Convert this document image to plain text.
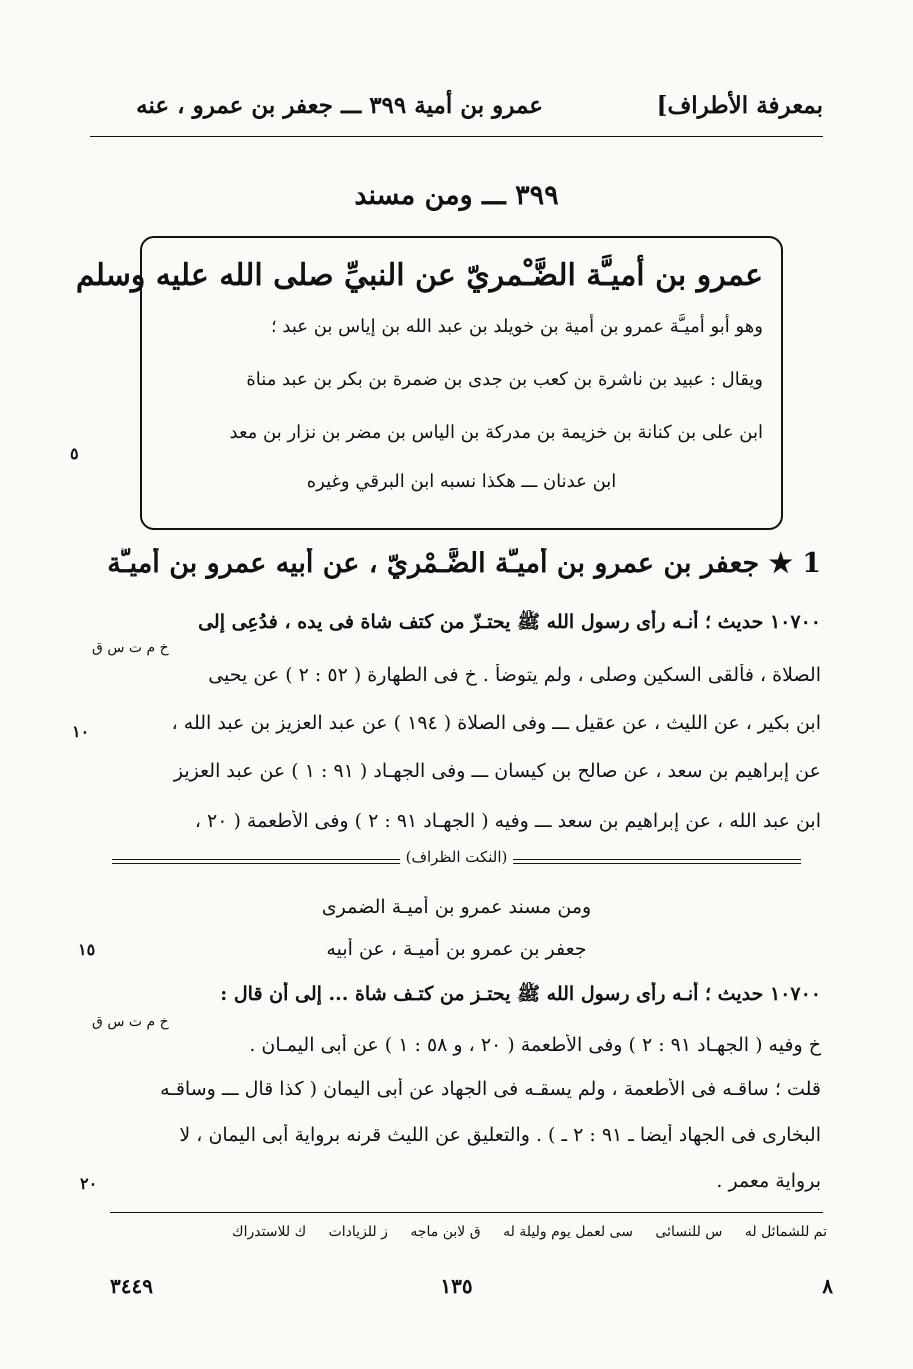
بمعرفة الأطراف]
عمرو بن أمية ٣٩٩ ـــ جعفر بن عمرو ، عنه
٣٩٩ ـــ ومن مسند
عمرو بن أميـَّة الضَّـْمريّ عن النبيِّ صلى الله عليه وسلم
وهو أبو أميـَّة عمرو بن أمية بن خويلد بن عبد الله بن إياس بن عبد ؛
ويقال : عبيد بن ناشرة بن كعب بن جدى بن ضمرة بن بكر بن عبد مناة
ابن على بن كنانة بن خزيمة بن مدركة بن الياس بن مضر بن نزار بن معد
ابن عدنان ـــ هكذا نسبه ابن البرقي وغيره
1 ★ جعفر بن عمرو بن أميـَّة الضَّـمْرِيّ ، عن أبيه عمرو بن أميـَّة
١٠٧٠٠ حديث ؛ أنـه رأى رسول الله ﷺ يحتـزّ من كتف شاة فى يده ، فدُعِى إلى
الصلاة ، فألقى السكين وصلى ، ولم يتوضأ . خ فى الطهارة ( ٥٢ : ٢ ) عن يحيى
ابن بكير ، عن الليث ، عن عقيل ـــ وفى الصلاة ( ١٩٤ ) عن عبد العزيز بن عبد الله ،
عن إبراهيم بن سعد ، عن صالح بن كيسان ـــ وفى الجهـاد ( ٩١ : ١ ) عن عبد العزيز
ابن عبد الله ، عن إبراهيم بن سعد ـــ وفيه ( الجهـاد ٩١ : ٢ ) وفى الأطعمة ( ٢٠ ،
(النكت الظراف)
ومن مسند عمرو بن أميـة الضمرى
جعفر بن عمرو بن أميـة ، عن أبيه
١٠٧٠٠ حديث ؛ أنـه رأى رسول الله ﷺ يحتـز من كتـف شاة ... إلى أن قال :
خ وفيه ( الجهـاد ٩١ : ٢ ) وفى الأطعمة ( ٢٠ ، و ٥٨ : ١ ) عن أبى اليمـان .
قلت ؛ ساقـه فى الأطعمة ، ولم يسقـه فى الجهاد عن أبى اليمان ( كذا قال ـــ وساقـه
البخارى فى الجهاد أيضا ـ ٩١ : ٢ ـ ) . والتعليق عن الليث قرنه برواية أبى اليمان ، لا
برواية معمر .
خ م ت س ق
خ م ت س ق
٥
١٠
١٥
٢٠
تم للشمائل له س للنسائى سى لعمل يوم وليلة له ق لابن ماجه ز للزيادات ك للاستدراك
٨
١٣٥
٣٤٤٩
